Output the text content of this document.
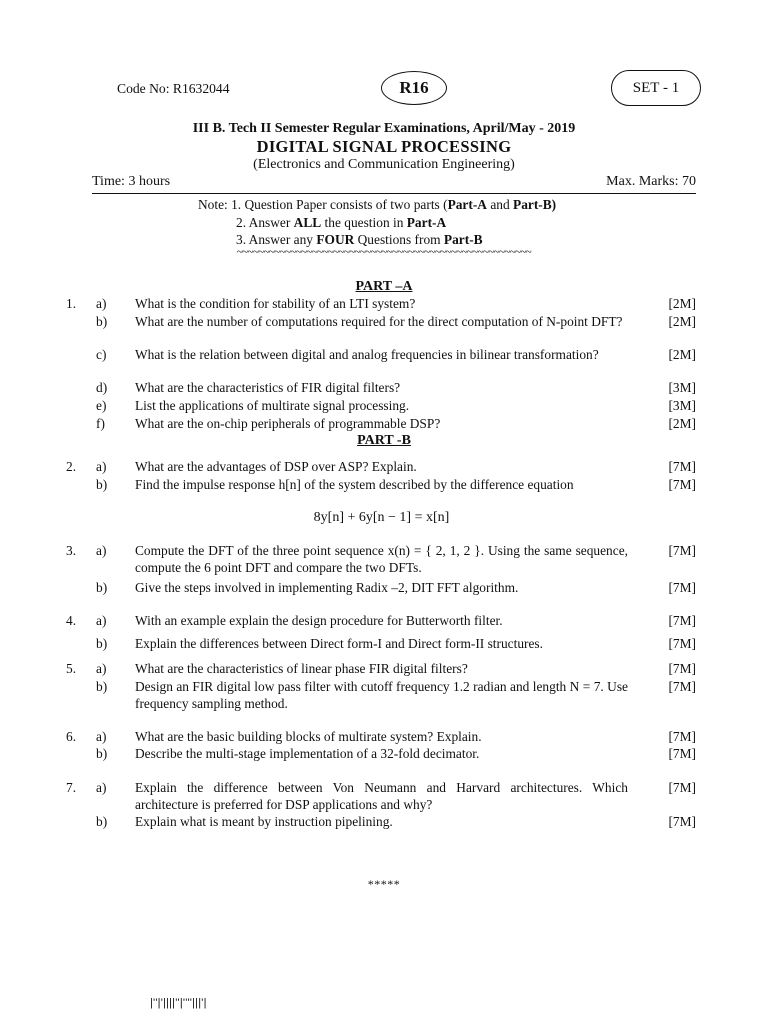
Code No: R1632044	R16	SET - 1
III B. Tech II Semester Regular Examinations, April/May - 2019
DIGITAL SIGNAL PROCESSING
(Electronics and Communication Engineering)
Time: 3 hours	Max. Marks: 70
Note: 1. Question Paper consists of two parts (Part-A and Part-B)
2. Answer ALL the question in Part-A
3. Answer any FOUR Questions from Part-B
~~~~~~~~~~~~~~~~~~~~~~~~~~~~~~~~~~~~~~~~~~~~~~~~~~~~~~~
PART –A
1. a) What is the condition for stability of an LTI system?	[2M]
b) What are the number of computations required for the direct computation of N-point DFT?	[2M]
c) What is the relation between digital and analog frequencies in bilinear transformation?	[2M]
d) What are the characteristics of FIR digital filters?	[3M]
e) List the applications of multirate signal processing.	[3M]
f) What are the on-chip peripherals of programmable DSP?	[2M]
PART -B
2. a) What are the advantages of DSP over ASP? Explain.	[7M]
b) Find the impulse response h[n] of the system described by the difference equation	[7M]
8y[n] + 6y[n − 1] = x[n]
3. a) Compute the DFT of the three point sequence x(n) = { 2, 1, 2 }. Using the same sequence, compute the 6 point DFT and compare the two DFTs.
[7M]
b) Give the steps involved in implementing Radix –2, DIT FFT algorithm.	[7M]
4. a) With an example explain the design procedure for Butterworth filter.	[7M]
b) Explain the differences between Direct form-I and Direct form-II structures.	[7M]
5. a) What are the characteristics of linear phase FIR digital filters?	[7M]
b) Design an FIR digital low pass filter with cutoff frequency 1.2 radian and length N = 7. Use frequency sampling method.
[7M]
6. a) What are the basic building blocks of multirate system? Explain.	[7M]
b) Describe the multi-stage implementation of a 32-fold decimator.	[7M]
7. a) Explain the difference between Von Neumann and Harvard architectures. Which architecture is preferred for DSP applications and why?
[7M]
b) Explain what is meant by instruction pipelining.	[7M]
*****
|''|'||||''|''''|||'|
